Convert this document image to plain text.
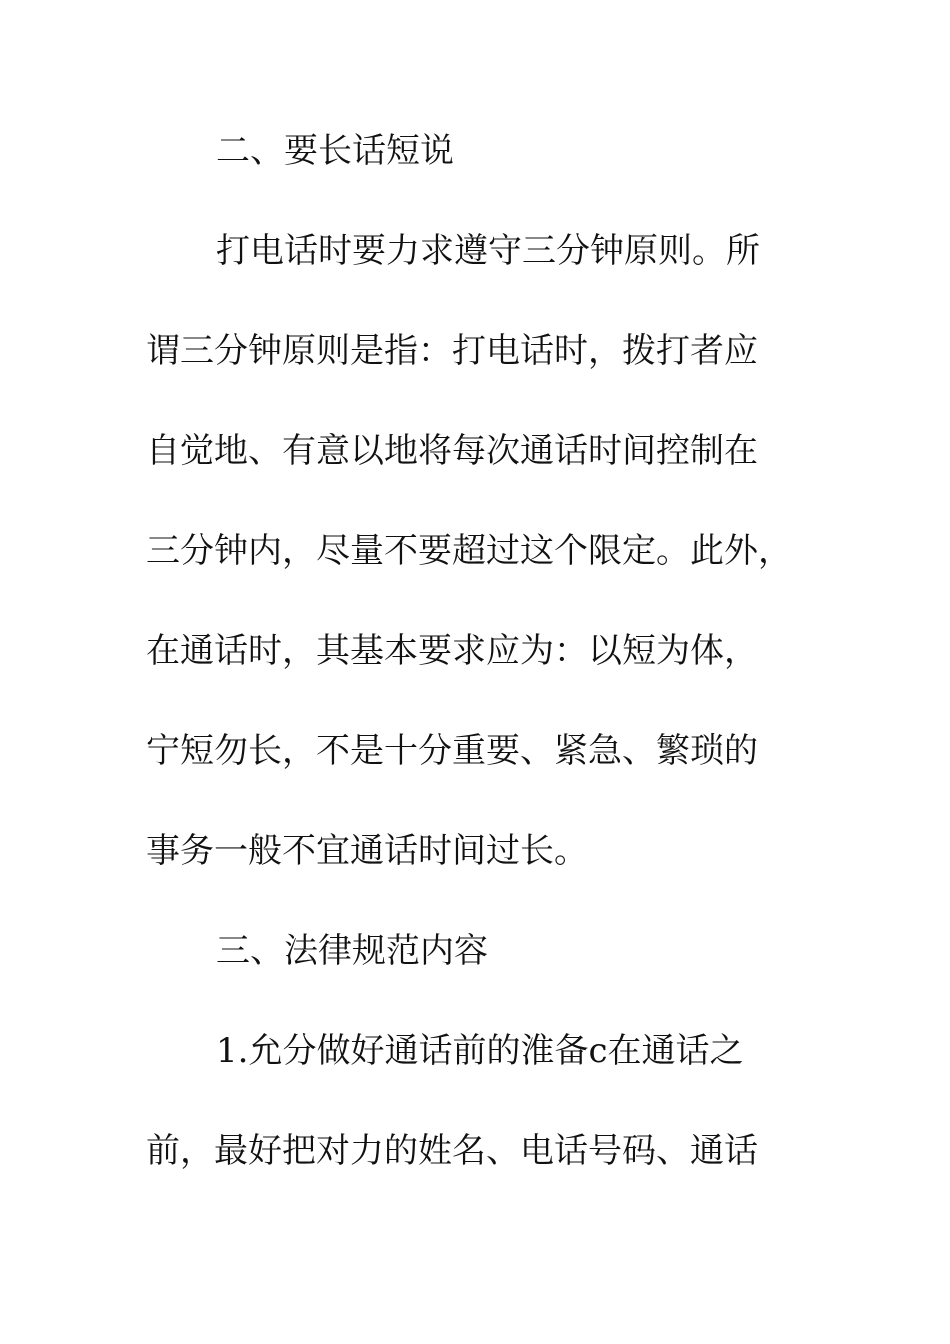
二、要长话短说
打电话时要力求遵守三分钟原则。所
谓三分钟原则是指：打电话时，拨打者应
自觉地、有意以地将每次通话时间控制在
三分钟内，尽量不要超过这个限定。此外，
在通话时，其基本要求应为：以短为体，
宁短勿长，不是十分重要、紧急、繁琐的
事务一般不宜通话时间过长。
三、法律规范内容
1.允分做好通话前的淮备c在通话之
前，最好把对力的姓名、电话号码、通话
